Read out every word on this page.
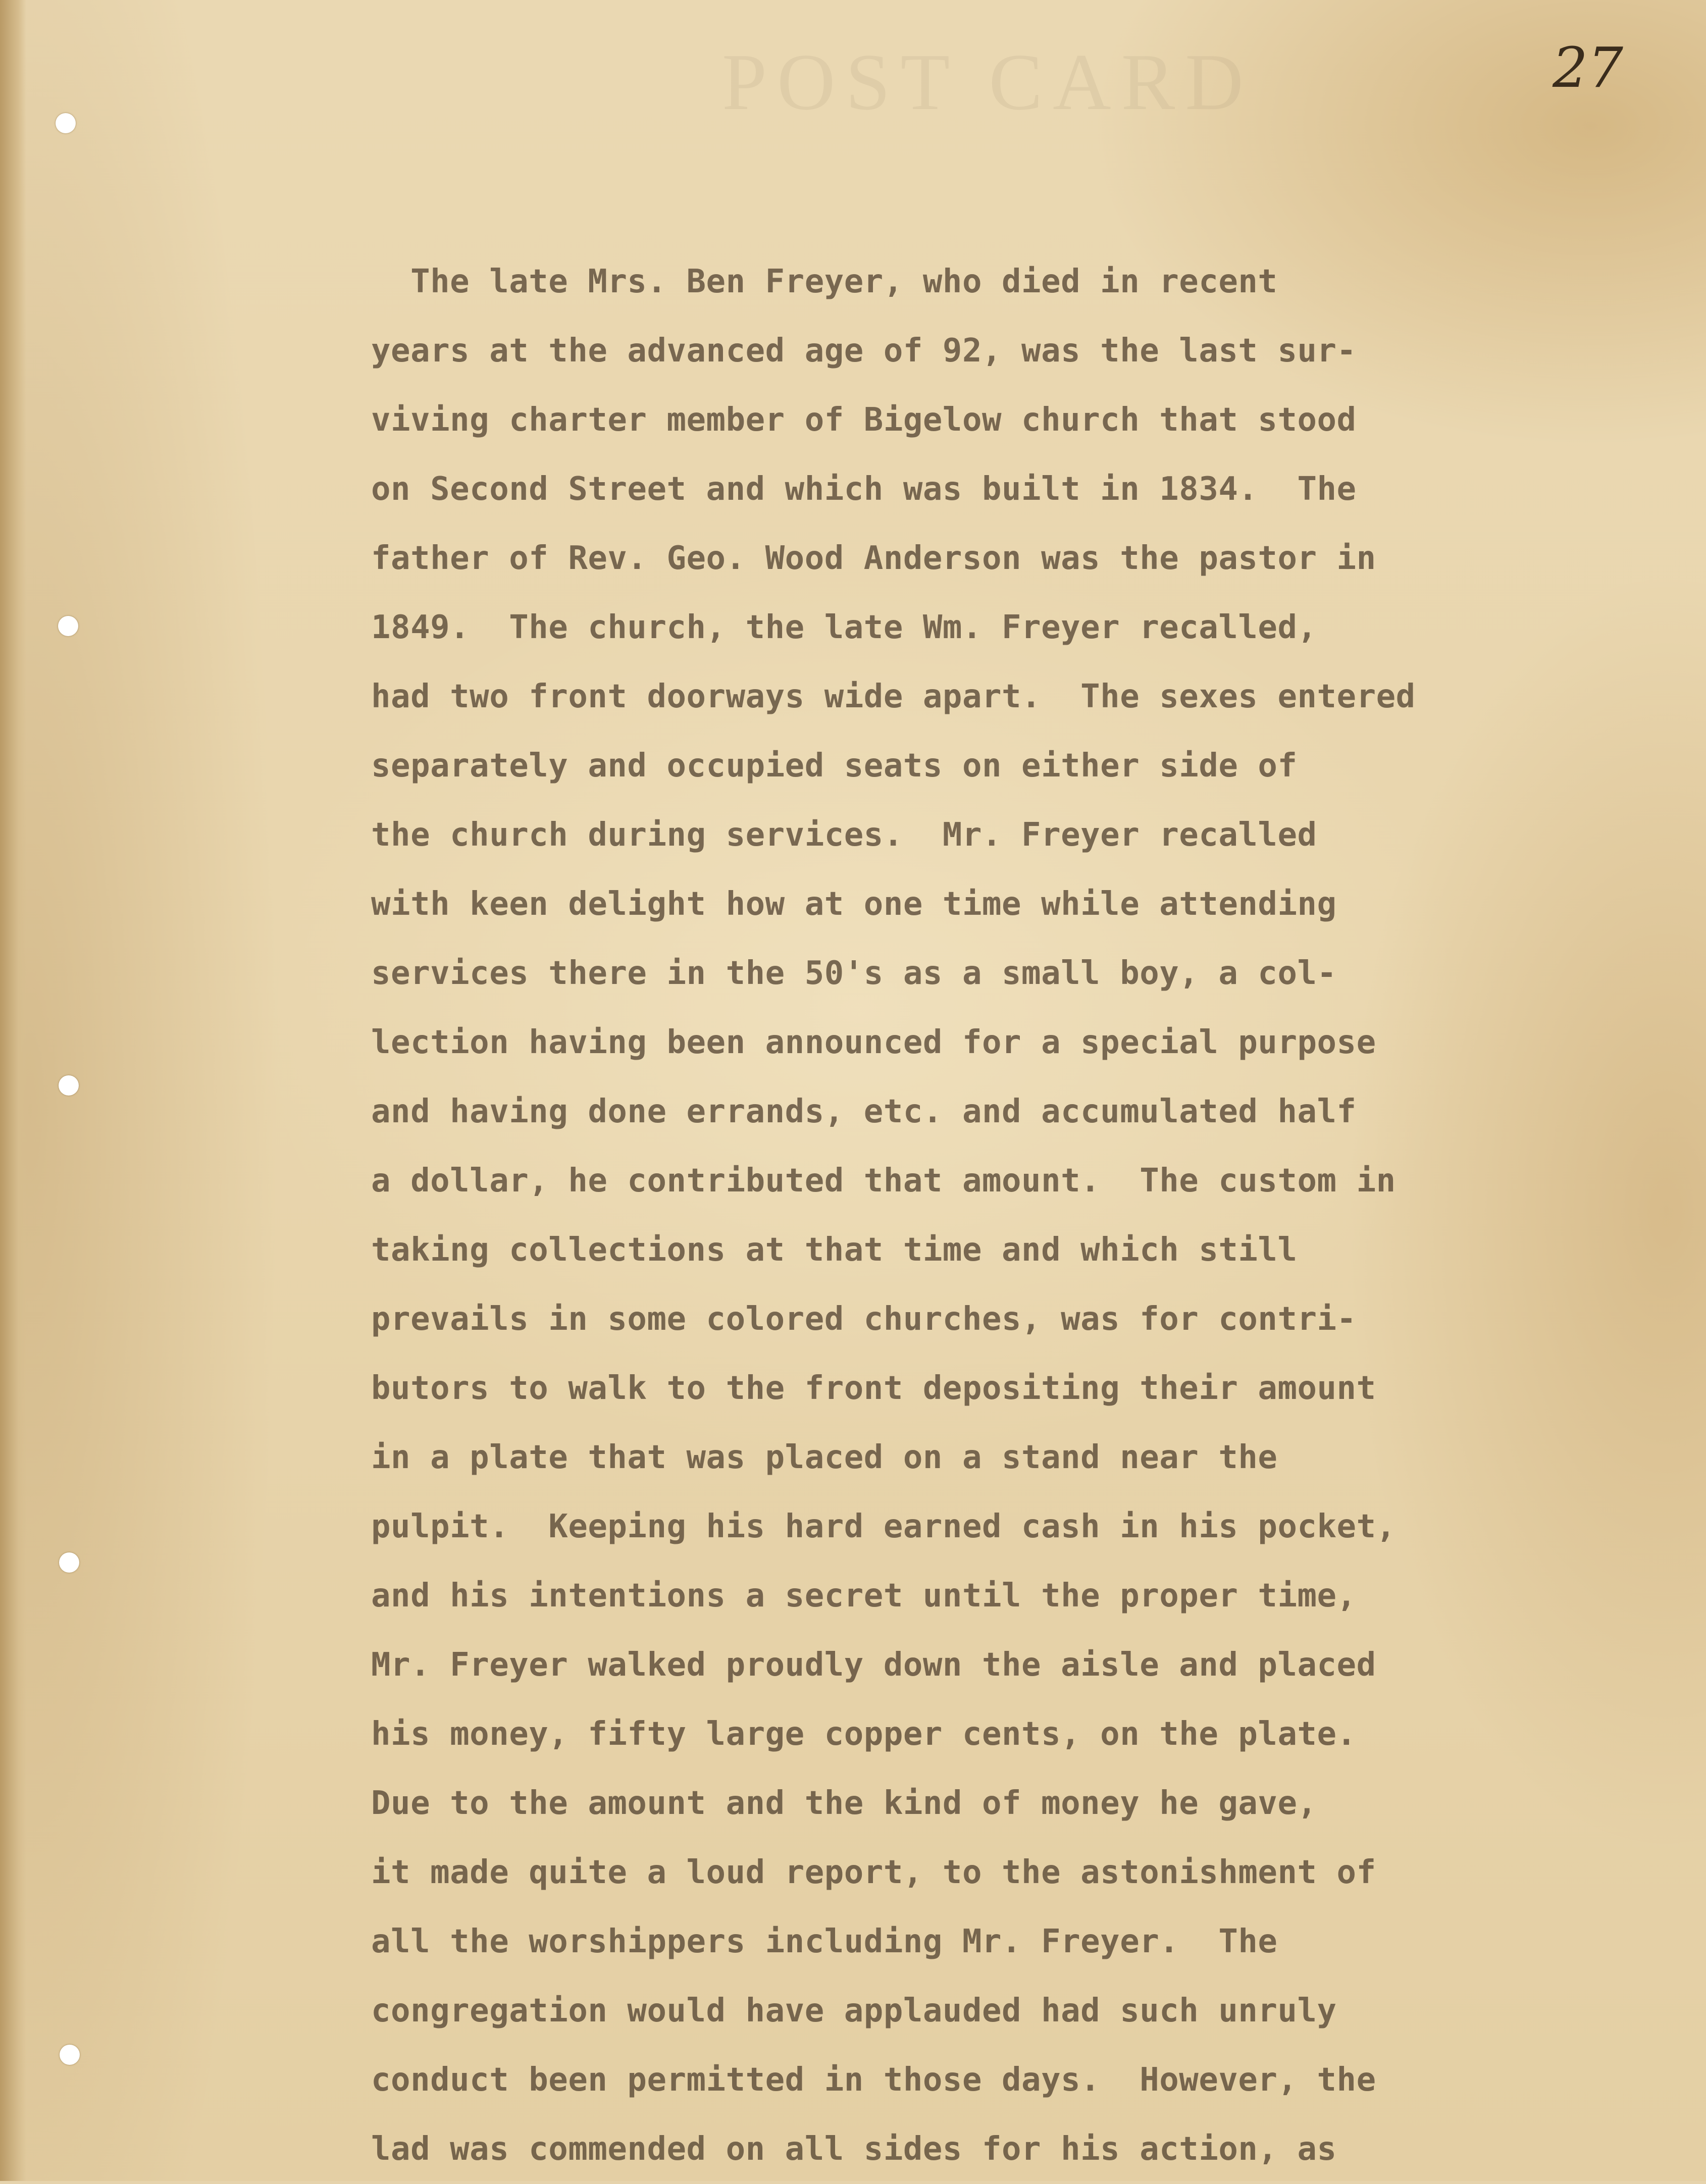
POST CARD	27
The late Mrs. Ben Freyer, who died in recent
years at the advanced age of 92, was the last sur-
viving charter member of Bigelow church that stood
on Second Street and which was built in 1834.  The
father of Rev. Geo. Wood Anderson was the pastor in
1849.  The church, the late Wm. Freyer recalled,
had two front doorways wide apart.  The sexes entered
separately and occupied seats on either side of
the church during services.  Mr. Freyer recalled
with keen delight how at one time while attending
services there in the 50's as a small boy, a col-
lection having been announced for a special purpose
and having done errands, etc. and accumulated half
a dollar, he contributed that amount.  The custom in
taking collections at that time and which still
prevails in some colored churches, was for contri-
butors to walk to the front depositing their amount
in a plate that was placed on a stand near the
pulpit.  Keeping his hard earned cash in his pocket,
and his intentions a secret until the proper time,
Mr. Freyer walked proudly down the aisle and placed
his money, fifty large copper cents, on the plate.
Due to the amount and the kind of money he gave,
it made quite a loud report, to the astonishment of
all the worshippers including Mr. Freyer.  The
congregation would have applauded had such unruly
conduct been permitted in those days.  However, the
lad was commended on all sides for his action, as
